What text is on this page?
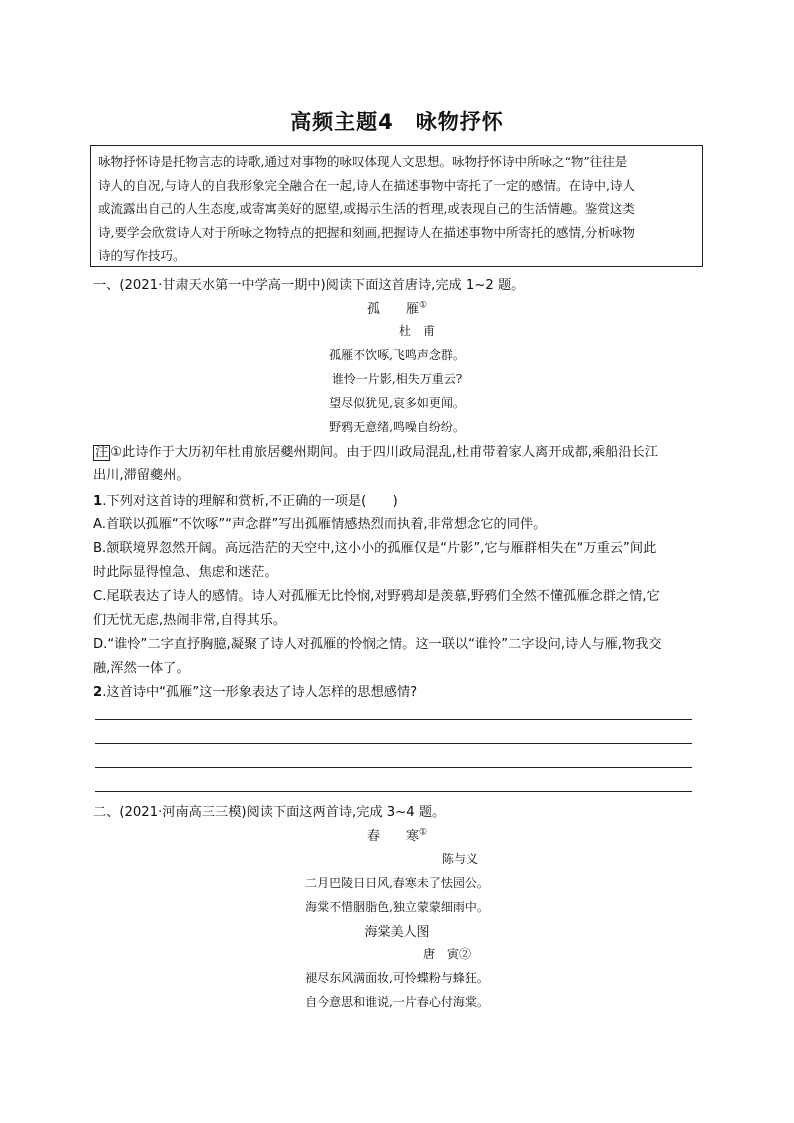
高频主题4　咏物抒怀
咏物抒怀诗是托物言志的诗歌,通过对事物的咏叹体现人文思想。咏物抒怀诗中所咏之“物”往往是
诗人的自况,与诗人的自我形象完全融合在一起,诗人在描述事物中寄托了一定的感情。在诗中,诗人
或流露出自己的人生态度,或寄寓美好的愿望,或揭示生活的哲理,或表现自己的生活情趣。鉴赏这类
诗,要学会欣赏诗人对于所咏之物特点的把握和刻画,把握诗人在描述事物中所寄托的感情,分析咏物
诗的写作技巧。
一、(2021·甘肃天水第一中学高一期中)阅读下面这首唐诗,完成 1~2 题。
孤　　雁①
杜　甫
孤雁不饮啄,飞鸣声念群。
谁怜一片影,相失万重云?
望尽似犹见,哀多如更闻。
野鸦无意绪,鸣噪自纷纷。
注 ①此诗作于大历初年杜甫旅居夔州期间。由于四川政局混乱,杜甫带着家人离开成都,乘船沿长江
出川,滞留夔州。
1.下列对这首诗的理解和赏析,不正确的一项是(　　)
A.首联以孤雁“不饮啄”“声念群”写出孤雁情感热烈而执着,非常想念它的同伴。
B.颔联境界忽然开阔。高远浩茫的天空中,这小小的孤雁仅是“片影”,它与雁群相失在“万重云”间此
时此际显得惶急、焦虑和迷茫。
C.尾联表达了诗人的感情。诗人对孤雁无比怜悯,对野鸦却是羡慕,野鸦们全然不懂孤雁念群之情,它
们无忧无虑,热闹非常,自得其乐。
D.“谁怜”二字直抒胸臆,凝聚了诗人对孤雁的怜悯之情。这一联以“谁怜”二字设问,诗人与雁,物我交
融,浑然一体了。
2.这首诗中“孤雁”这一形象表达了诗人怎样的思想感情?
二、(2021·河南高三三模)阅读下面这两首诗,完成 3~4 题。
春　　寒①
陈与义
二月巴陵日日风,春寒未了怯园公。
海棠不惜胭脂色,独立蒙蒙细雨中。
海棠美人图
唐　寅②
褪尽东风满面妆,可怜蝶粉与蜂狂。
自今意思和谁说,一片春心付海棠。
